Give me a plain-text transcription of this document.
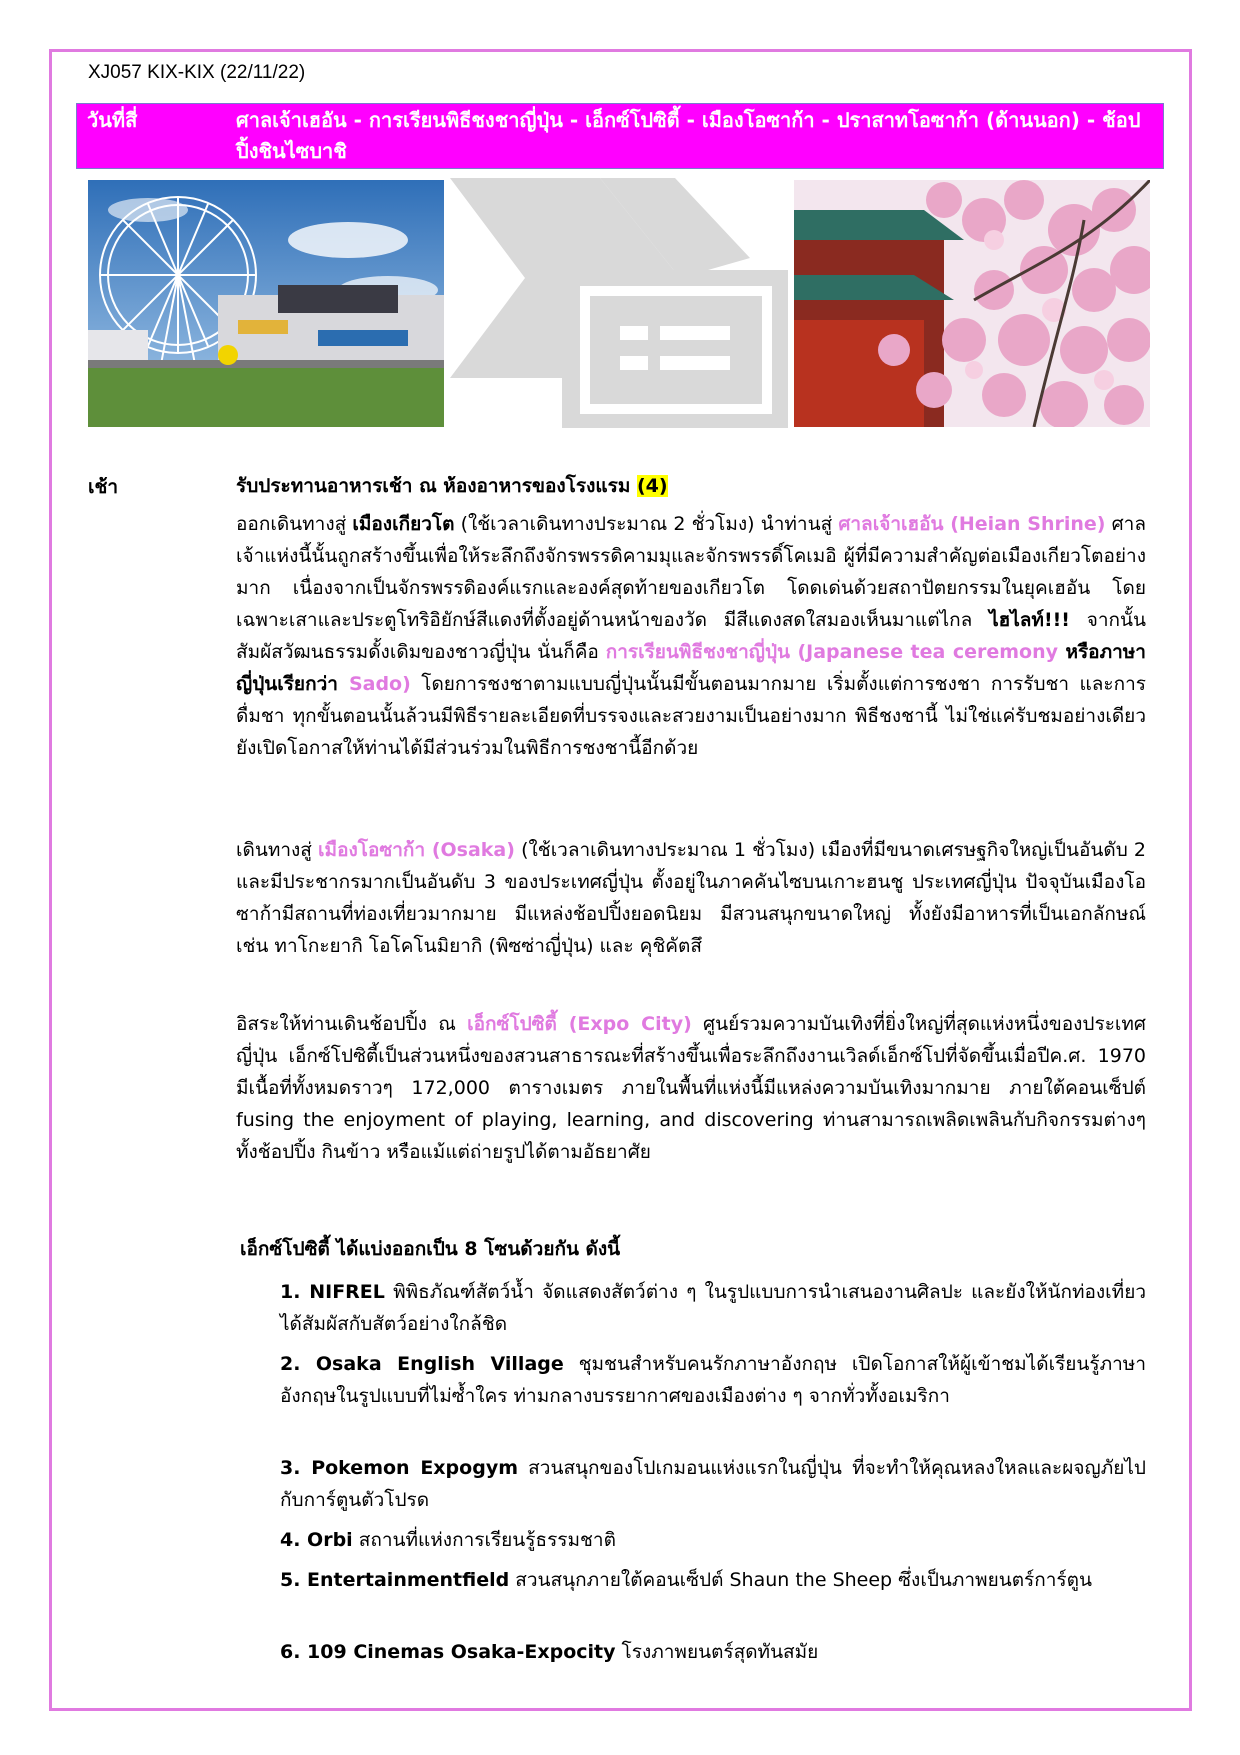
XJ057 KIX-KIX (22/11/22)
วันที่สี่	ศาลเจ้าเฮอัน - การเรียนพิธีชงชาญี่ปุ่น - เอ็กซ์โปซิตี้ - เมืองโอซาก้า - ปราสาทโอซาก้า (ด้านนอก) - ช้อปปิ้งชินไซบาชิ
เช้า	รับประทานอาหารเช้า ณ ห้องอาหารของโรงแรม (4)
ออกเดินทางสู่ เมืองเกียวโต (ใช้เวลาเดินทางประมาณ 2 ชั่วโมง) นำท่านสู่ ศาลเจ้าเฮอัน (Heian Shrine) ศาลเจ้าแห่งนี้นั้นถูกสร้างขึ้นเพื่อให้ระลึกถึงจักรพรรดิคามมุและจักรพรรดิ์โคเมอิ ผู้ที่มีความสำคัญต่อเมืองเกียวโตอย่างมาก เนื่องจากเป็นจักรพรรดิองค์แรกและองค์สุดท้ายของเกียวโต โดดเด่นด้วยสถาปัตยกรรมในยุคเฮอัน โดยเฉพาะเสาและประตูโทริอิยักษ์สีแดงที่ตั้งอยู่ด้านหน้าของวัด มีสีแดงสดใสมองเห็นมาแต่ไกล ไฮไลท์!!! จากนั้นสัมผัสวัฒนธรรมดั้งเดิมของชาวญี่ปุ่น นั่นก็คือ การเรียนพิธีชงชาญี่ปุ่น (Japanese tea ceremony หรือภาษาญี่ปุ่นเรียกว่า Sado) โดยการชงชาตามแบบญี่ปุ่นนั้นมีขั้นตอนมากมาย เริ่มตั้งแต่การชงชา การรับชา และการดื่มชา ทุกขั้นตอนนั้นล้วนมีพิธีรายละเอียดที่บรรจงและสวยงามเป็นอย่างมาก พิธีชงชานี้ ไม่ใช่แค่รับชมอย่างเดียว ยังเปิดโอกาสให้ท่านได้มีส่วนร่วมในพิธีการชงชานี้อีกด้วย
เดินทางสู่ เมืองโอซาก้า (Osaka) (ใช้เวลาเดินทางประมาณ 1 ชั่วโมง) เมืองที่มีขนาดเศรษฐกิจใหญ่เป็นอันดับ 2 และมีประชากรมากเป็นอันดับ 3 ของประเทศญี่ปุ่น ตั้งอยู่ในภาคคันไซบนเกาะฮนชู ประเทศญี่ปุ่น ปัจจุบันเมืองโอซาก้ามีสถานที่ท่องเที่ยวมากมาย มีแหล่งช้อปปิ้งยอดนิยม มีสวนสนุกขนาดใหญ่ ทั้งยังมีอาหารที่เป็นเอกลักษณ์ เช่น ทาโกะยากิ โอโคโนมิยากิ (พิซซ่าญี่ปุ่น) และ คุชิคัตสึ
อิสระให้ท่านเดินช้อปปิ้ง ณ เอ็กซ์โปซิตี้ (Expo City) ศูนย์รวมความบันเทิงที่ยิ่งใหญ่ที่สุดแห่งหนึ่งของประเทศญี่ปุ่น เอ็กซ์โปซิตี้เป็นส่วนหนึ่งของสวนสาธารณะที่สร้างขึ้นเพื่อระลึกถึงงานเวิลด์เอ็กซ์โปที่จัดขึ้นเมื่อปีค.ศ. 1970 มีเนื้อที่ทั้งหมดราวๆ 172,000 ตารางเมตร ภายในพื้นที่แห่งนี้มีแหล่งความบันเทิงมากมาย ภายใต้คอนเซ็ปต์ fusing the enjoyment of playing, learning, and discovering ท่านสามารถเพลิดเพลินกับกิจกรรมต่างๆ ทั้งช้อปปิ้ง กินข้าว หรือแม้แต่ถ่ายรูปได้ตามอัธยาศัย
เอ็กซ์โปซิตี้ ได้แบ่งออกเป็น 8 โซนด้วยกัน ดังนี้
1. NIFREL พิพิธภัณฑ์สัตว์น้ำ จัดแสดงสัตว์ต่าง ๆ ในรูปแบบการนำเสนองานศิลปะ และยังให้นักท่องเที่ยวได้สัมผัสกับสัตว์อย่างใกล้ชิด
2. Osaka English Village ชุมชนสำหรับคนรักภาษาอังกฤษ เปิดโอกาสให้ผู้เข้าชมได้เรียนรู้ภาษาอังกฤษในรูปแบบที่ไม่ซ้ำใคร ท่ามกลางบรรยากาศของเมืองต่าง ๆ จากทั่วทั้งอเมริกา
3. Pokemon Expogym สวนสนุกของโปเกมอนแห่งแรกในญี่ปุ่น ที่จะทำให้คุณหลงใหลและผจญภัยไปกับการ์ตูนตัวโปรด
4. Orbi สถานที่แห่งการเรียนรู้ธรรมชาติ
5. Entertainmentfield สวนสนุกภายใต้คอนเซ็ปต์ Shaun the Sheep ซึ่งเป็นภาพยนตร์การ์ตูน
6. 109 Cinemas Osaka-Expocity โรงภาพยนตร์สุดทันสมัย
